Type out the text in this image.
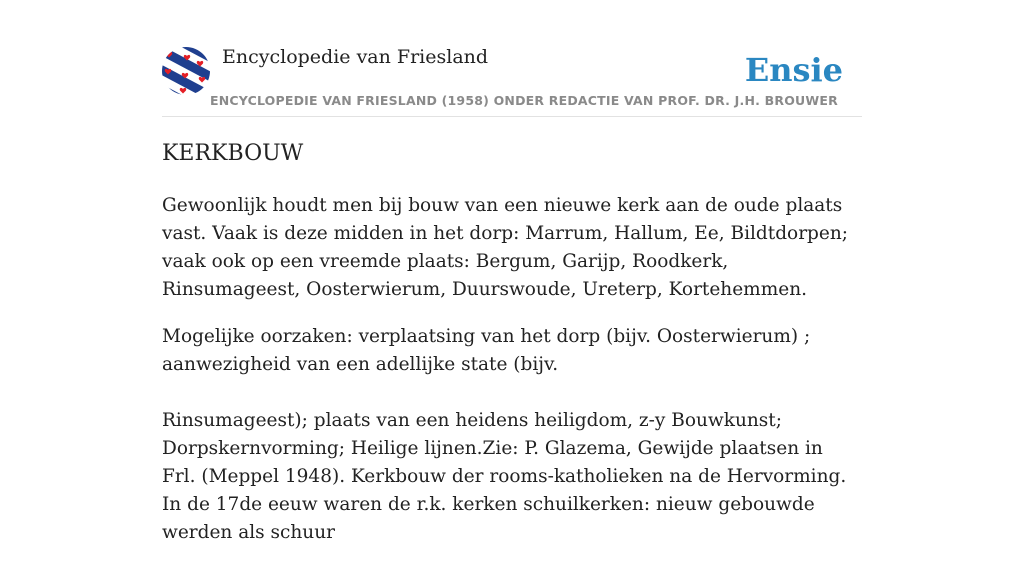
Encyclopedie van Friesland	Ensie
ENCYCLOPEDIE VAN FRIESLAND (1958) ONDER REDACTIE VAN PROF. DR. J.H. BROUWER
KERKBOUW

Gewoonlijk houdt men bij bouw van een nieuwe kerk aan de oude plaats vast. Vaak is deze midden in het dorp: Marrum, Hallum, Ee, Bildtdorpen; vaak ook op een vreemde plaats: Bergum, Garijp, Roodkerk, Rinsumageest, Oosterwierum, Duurswoude, Ureterp, Kortehemmen.

Mogelijke oorzaken: verplaatsing van het dorp (bijv. Oosterwierum) ; aanwezigheid van een adellijke state (bijv.

Rinsumageest); plaats van een heidens heiligdom, z-y Bouwkunst; Dorpskernvorming; Heilige lijnen.Zie: P. Glazema, Gewijde plaatsen in Frl. (Meppel 1948). Kerkbouw der rooms-katholieken na de Hervorming. In de 17de eeuw waren de r.k. kerken schuilkerken: nieuw gebouwde werden als schuur
